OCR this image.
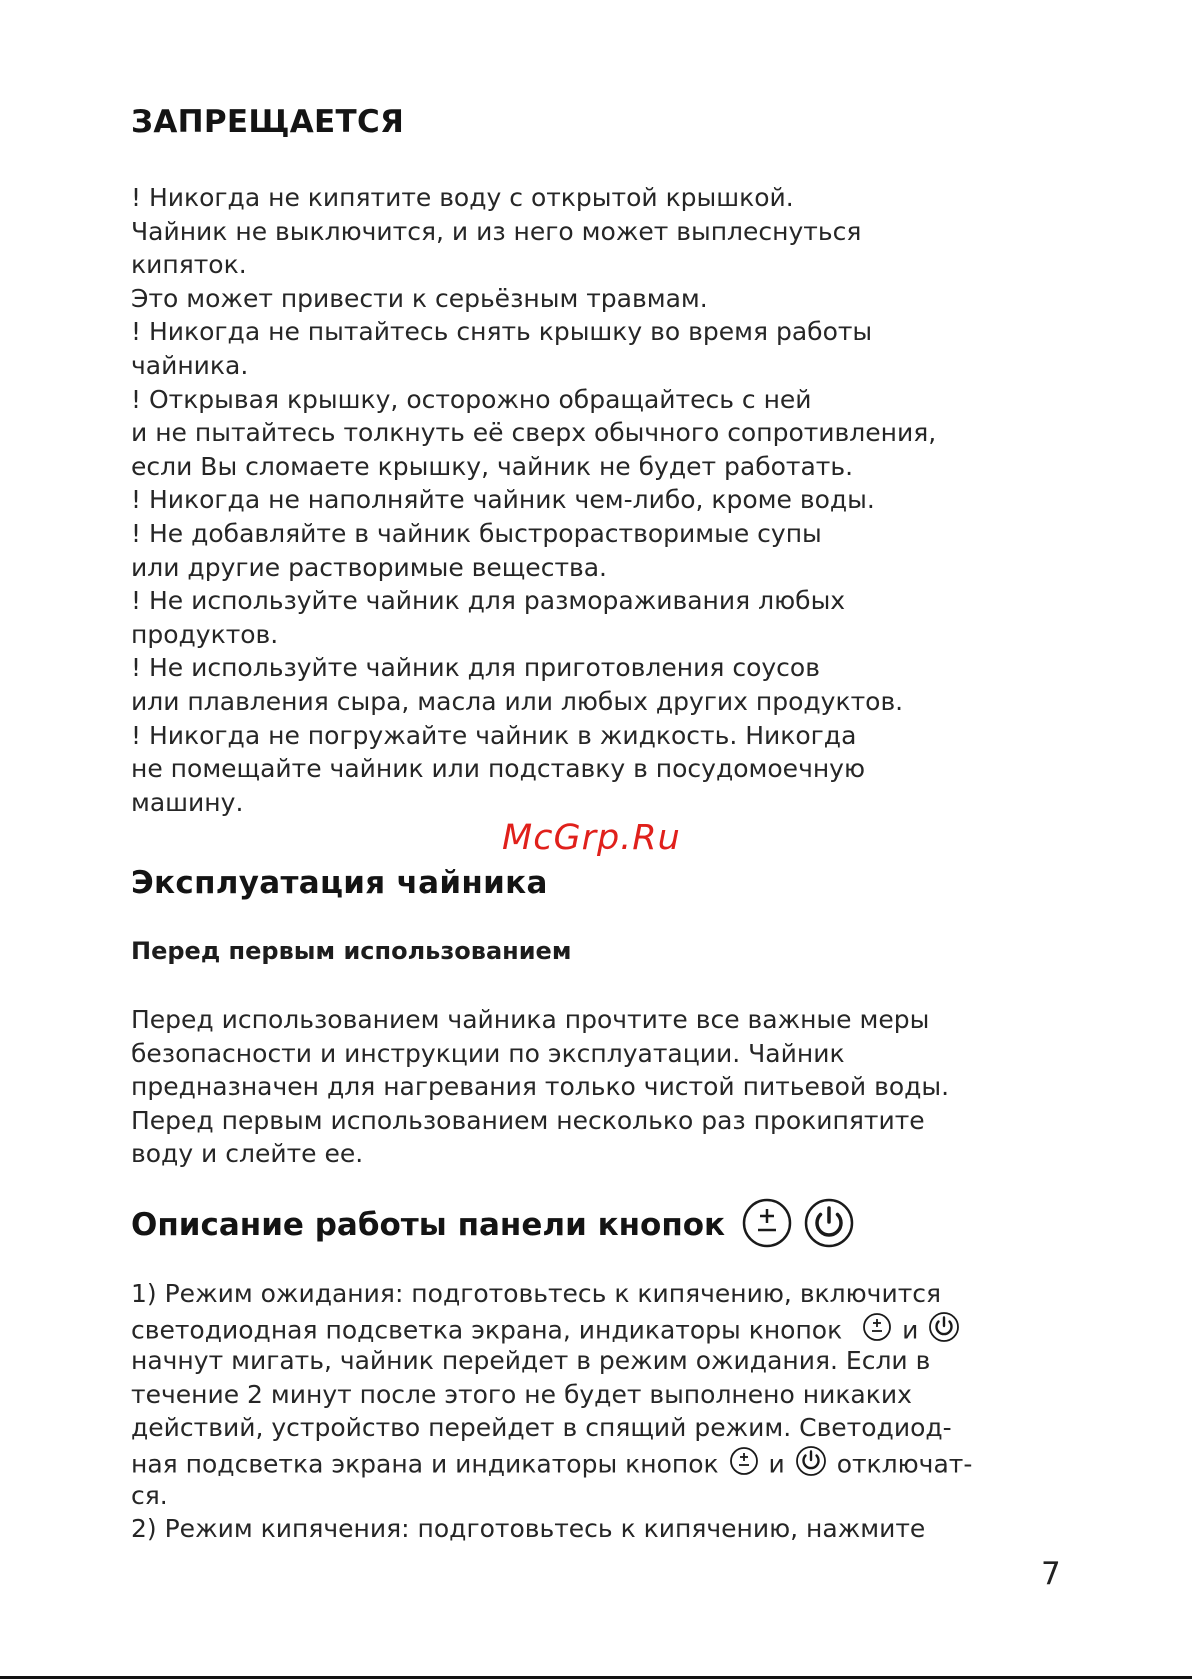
ЗАПРЕЩАЕТСЯ
! Никогда не кипятите воду с открытой крышкой.
Чайник не выключится, и из него может выплеснуться
кипяток.
Это может привести к серьёзным травмам.
! Никогда не пытайтесь снять крышку во время работы
чайника.
! Открывая крышку, осторожно обращайтесь с ней
и не пытайтесь толкнуть её сверх обычного сопротивления,
если Вы сломаете крышку, чайник не будет работать.
! Никогда не наполняйте чайник чем-либо, кроме воды.
! Не добавляйте в чайник быстрорастворимые супы
или другие растворимые вещества.
! Не используйте чайник для размораживания любых
продуктов.
! Не используйте чайник для приготовления соусов
или плавления сыра, масла или любых других продуктов.
! Никогда не погружайте чайник в жидкость. Никогда
не помещайте чайник или подставку в посудомоечную
машину.
Эксплуатация чайника
Перед первым использованием
Перед использованием чайника прочтите все важные меры
безопасности и инструкции по эксплуатации. Чайник
предназначен для нагревания только чистой питьевой воды.
Перед первым использованием несколько раз прокипятите
воду и слейте ее.
Описание работы панели кнопок
1) Режим ожидания: подготовьтесь к кипячению, включится
светодиодная подсветка экрана, индикаторы кнопок и
начнут мигать, чайник перейдет в режим ожидания. Если в
течение 2 минут после этого не будет выполнено никаких
действий, устройство перейдет в спящий режим. Светодиод-
ная подсветка экрана и индикаторы кнопок и отключат-
ся.
2) Режим кипячения: подготовьтесь к кипячению, нажмите
McGrp.Ru
7
